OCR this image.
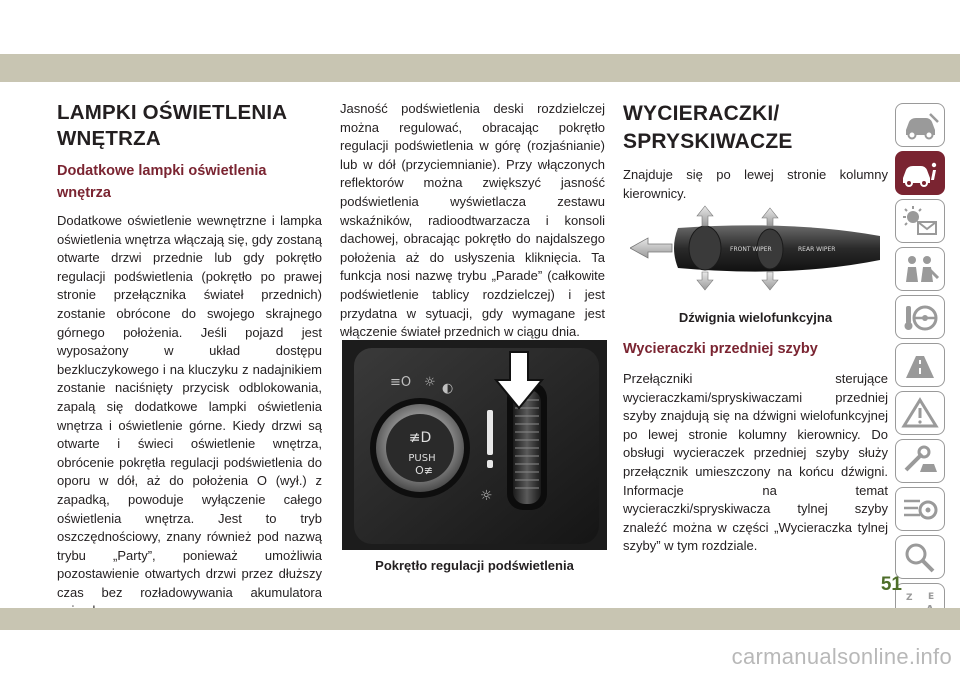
LAMPKI OŚWIETLENIA
WNĘTRZA
Dodatkowe lampki oświetlenia
wnętrza

Dodatkowe oświetlenie wewnętrzne i lampka oświetlenia wnętrza włączają się, gdy zostaną otwarte drzwi przednie lub gdy pokrętło regulacji podświetlenia (pokrętło po prawej stronie przełącznika świateł przednich) zostanie obrócone do swojego skrajnego górnego położenia. Jeśli pojazd jest wyposażony w układ dostępu bezkluczykowego i na kluczyku z nadajnikiem zostanie naciśnięty przycisk odblokowania, zapalą się dodatkowe lampki oświetlenia wnętrza i oświetlenie górne. Kiedy drzwi są otwarte i świeci oświetlenie wnętrza, obrócenie pokrętła regulacji podświetlenia do oporu w dół, aż do położenia O (wył.) z zapadką, powoduje wyłączenie całego oświetlenia wnętrza. Jest to tryb oszczędnościowy, znany również pod nazwą trybu „Party”, ponieważ umożliwia pozostawienie otwartych drzwi przez dłuższy czas bez rozładowywania akumulatora

Jasność podświetlenia deski rozdzielczej można regulować, obracając pokrętło regulacji podświetlenia w górę (rozjaśnianie) lub w dół (przyciemnianie). Przy włączonych reflektorów można zwiększyć jasność podświetlenia wyświetlacza zestawu wskaźników, radioodtwarzacza i konsoli dachowej, obracając pokrętło do najdalszego położenia aż do usłyszenia kliknięcia. Ta funkcja nosi nazwę trybu „Parade” (całkowite podświetlenie tablicy rozdzielczej) i jest przydatna w sytuacji, gdy wymagane jest włączenie świateł przednich w ciągu dnia.

≡O ☼ ◐
≢D
PUSH
O≢
☼
Pokrętło regulacji podświetlenia
WYCIERACZKI/
SPRYSKIWACZE

Znajduje się po lewej stronie kolumny kierownicy.

FRONT WIPER	REAR WIPER
Dźwignia wielofunkcyjna
Wycieraczki przedniej szyby

Przełączniki sterujące wycieraczkami/spryskiwaczami przedniej szyby znajdują się na dźwigni wielofunkcyjnej po lewej stronie kolumny kierownicy. Do obsługi wycieraczek przedniej szyby służy przełącznik umieszczony na końcu dźwigni. Informacje na temat wycieraczki/spryskiwacza tylnej szyby znaleźć można w części „Wycieraczka tylnej szyby” w tym rozdziale.

Z E
51
carmanualsonline.info
